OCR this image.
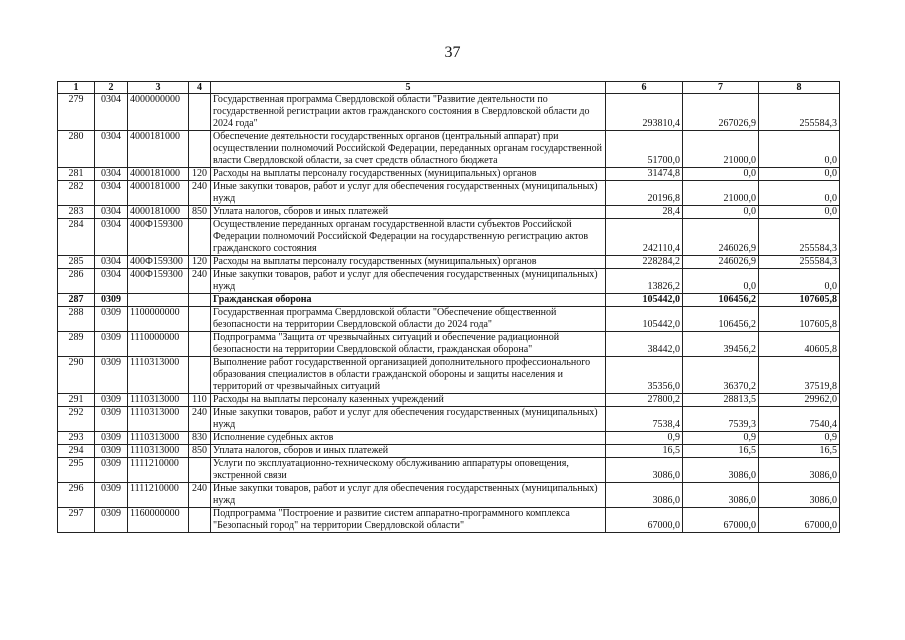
37
1	2	3	4	5	6	7	8
279	0304	4000000000		Государственная программа Свердловской области "Развитие деятельности по государственной регистрации актов гражданского состояния в Свердловской области до 2024 года"	293810,4	267026,9	255584,3
280	0304	4000181000		Обеспечение деятельности государственных органов (центральный аппарат) при осуществлении полномочий Российской Федерации, переданных органам государственной власти Свердловской области, за счет средств областного бюджета	51700,0	21000,0	0,0
281	0304	4000181000	120	Расходы на выплаты персоналу государственных (муниципальных) органов	31474,8	0,0	0,0
282	0304	4000181000	240	Иные закупки товаров, работ и услуг для обеспечения государственных (муниципальных) нужд	20196,8	21000,0	0,0
283	0304	4000181000	850	Уплата налогов, сборов и иных платежей	28,4	0,0	0,0
284	0304	400Ф159300		Осуществление переданных органам государственной власти субъектов Российской Федерации полномочий Российской Федерации на государственную регистрацию актов гражданского состояния	242110,4	246026,9	255584,3
285	0304	400Ф159300	120	Расходы на выплаты персоналу государственных (муниципальных) органов	228284,2	246026,9	255584,3
286	0304	400Ф159300	240	Иные закупки товаров, работ и услуг для обеспечения государственных (муниципальных) нужд	13826,2	0,0	0,0
287	0309			Гражданская оборона	105442,0	106456,2	107605,8
288	0309	1100000000		Государственная программа Свердловской области "Обеспечение общественной безопасности на территории Свердловской области до 2024 года"	105442,0	106456,2	107605,8
289	0309	1110000000		Подпрограмма "Защита от чрезвычайных ситуаций и обеспечение радиационной безопасности на территории Свердловской области, гражданская оборона"	38442,0	39456,2	40605,8
290	0309	1110313000		Выполнение работ государственной организацией дополнительного профессионального образования специалистов в области гражданской обороны и защиты населения и территорий от чрезвычайных ситуаций	35356,0	36370,2	37519,8
291	0309	1110313000	110	Расходы на выплаты персоналу казенных учреждений	27800,2	28813,5	29962,0
292	0309	1110313000	240	Иные закупки товаров, работ и услуг для обеспечения государственных (муниципальных) нужд	7538,4	7539,3	7540,4
293	0309	1110313000	830	Исполнение судебных актов	0,9	0,9	0,9
294	0309	1110313000	850	Уплата налогов, сборов и иных платежей	16,5	16,5	16,5
295	0309	1111210000		Услуги по эксплуатационно-техническому обслуживанию аппаратуры оповещения, экстренной связи	3086,0	3086,0	3086,0
296	0309	1111210000	240	Иные закупки товаров, работ и услуг для обеспечения государственных (муниципальных) нужд	3086,0	3086,0	3086,0
297	0309	1160000000		Подпрограмма "Построение и развитие систем аппаратно-программного комплекса "Безопасный город" на территории Свердловской области"	67000,0	67000,0	67000,0
